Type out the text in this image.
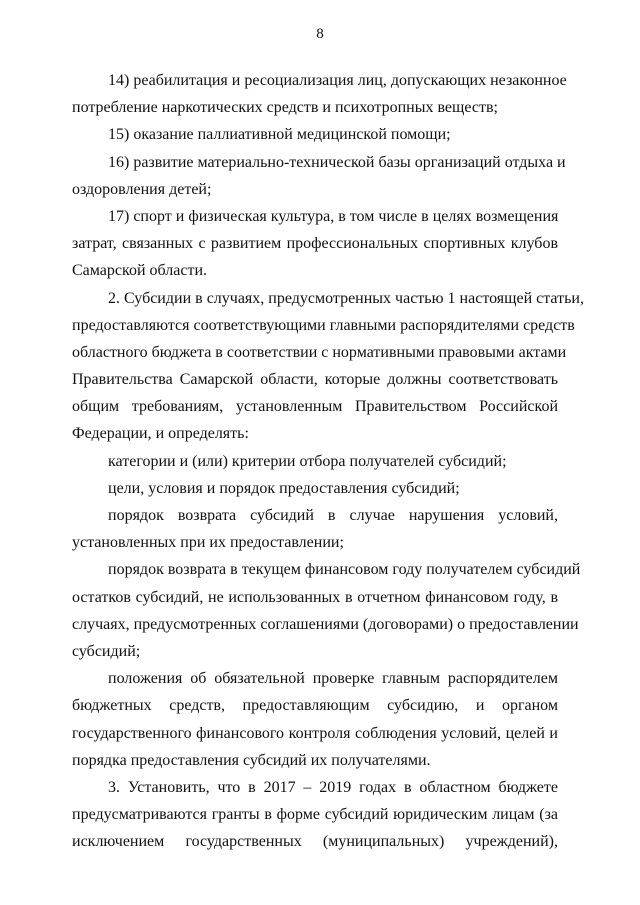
8
14) реабилитация и ресоциализация лиц, допускающих незаконное
потребление наркотических средств и психотропных веществ;
15) оказание паллиативной медицинской помощи;
16) развитие материально-технической базы организаций отдыха и
оздоровления детей;
17) спорт и физическая культура, в том числе в целях возмещения
затрат, связанных с развитием профессиональных спортивных клубов
Самарской области.
2. Субсидии в случаях, предусмотренных частью 1 настоящей статьи,
предоставляются соответствующими главными распорядителями средств
областного бюджета в соответствии с нормативными правовыми актами
Правительства Самарской области, которые должны соответствовать
общим требованиям, установленным Правительством Российской
Федерации, и определять:
категории и (или) критерии отбора получателей субсидий;
цели, условия и порядок предоставления субсидий;
порядок возврата субсидий в случае нарушения условий,
установленных при их предоставлении;
порядок возврата в текущем финансовом году получателем субсидий
остатков субсидий, не использованных в отчетном финансовом году, в
случаях, предусмотренных соглашениями (договорами) о предоставлении
субсидий;
положения об обязательной проверке главным распорядителем
бюджетных средств, предоставляющим субсидию, и органом
государственного финансового контроля соблюдения условий, целей и
порядка предоставления субсидий их получателями.
3. Установить, что в 2017 – 2019 годах в областном бюджете
предусматриваются гранты в форме субсидий юридическим лицам (за
исключением государственных (муниципальных) учреждений),
